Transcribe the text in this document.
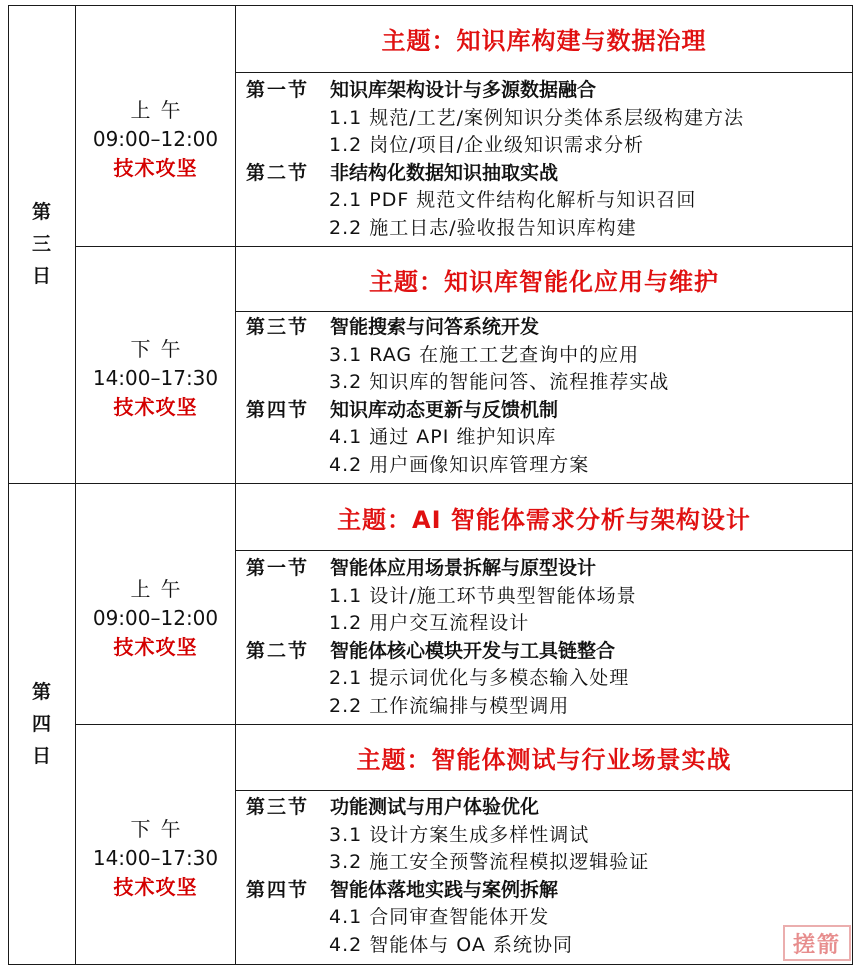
第
三
日
第
四
日
上午
09:00–12:00
技术攻坚
下午
14:00–17:30
技术攻坚
上午
09:00–12:00
技术攻坚
下午
14:00–17:30
技术攻坚
主题：知识库构建与数据治理
主题：知识库智能化应用与维护
主题：AI 智能体需求分析与架构设计
主题：智能体测试与行业场景实战
第一节 知识库架构设计与多源数据融合
1.1 规范/工艺/案例知识分类体系层级构建方法
1.2 岗位/项目/企业级知识需求分析
第二节 非结构化数据知识抽取实战
2.1 PDF 规范文件结构化解析与知识召回
2.2 施工日志/验收报告知识库构建
第三节 智能搜索与问答系统开发
3.1 RAG 在施工工艺查询中的应用
3.2 知识库的智能问答、流程推荐实战
第四节 知识库动态更新与反馈机制
4.1 通过 API 维护知识库
4.2 用户画像知识库管理方案
第一节 智能体应用场景拆解与原型设计
1.1 设计/施工环节典型智能体场景
1.2 用户交互流程设计
第二节 智能体核心模块开发与工具链整合
2.1 提示词优化与多模态输入处理
2.2 工作流编排与模型调用
第三节 功能测试与用户体验优化
3.1 设计方案生成多样性调试
3.2 施工安全预警流程模拟逻辑验证
第四节 智能体落地实践与案例拆解
4.1 合同审查智能体开发
4.2 智能体与 OA 系统协同	搓箭
